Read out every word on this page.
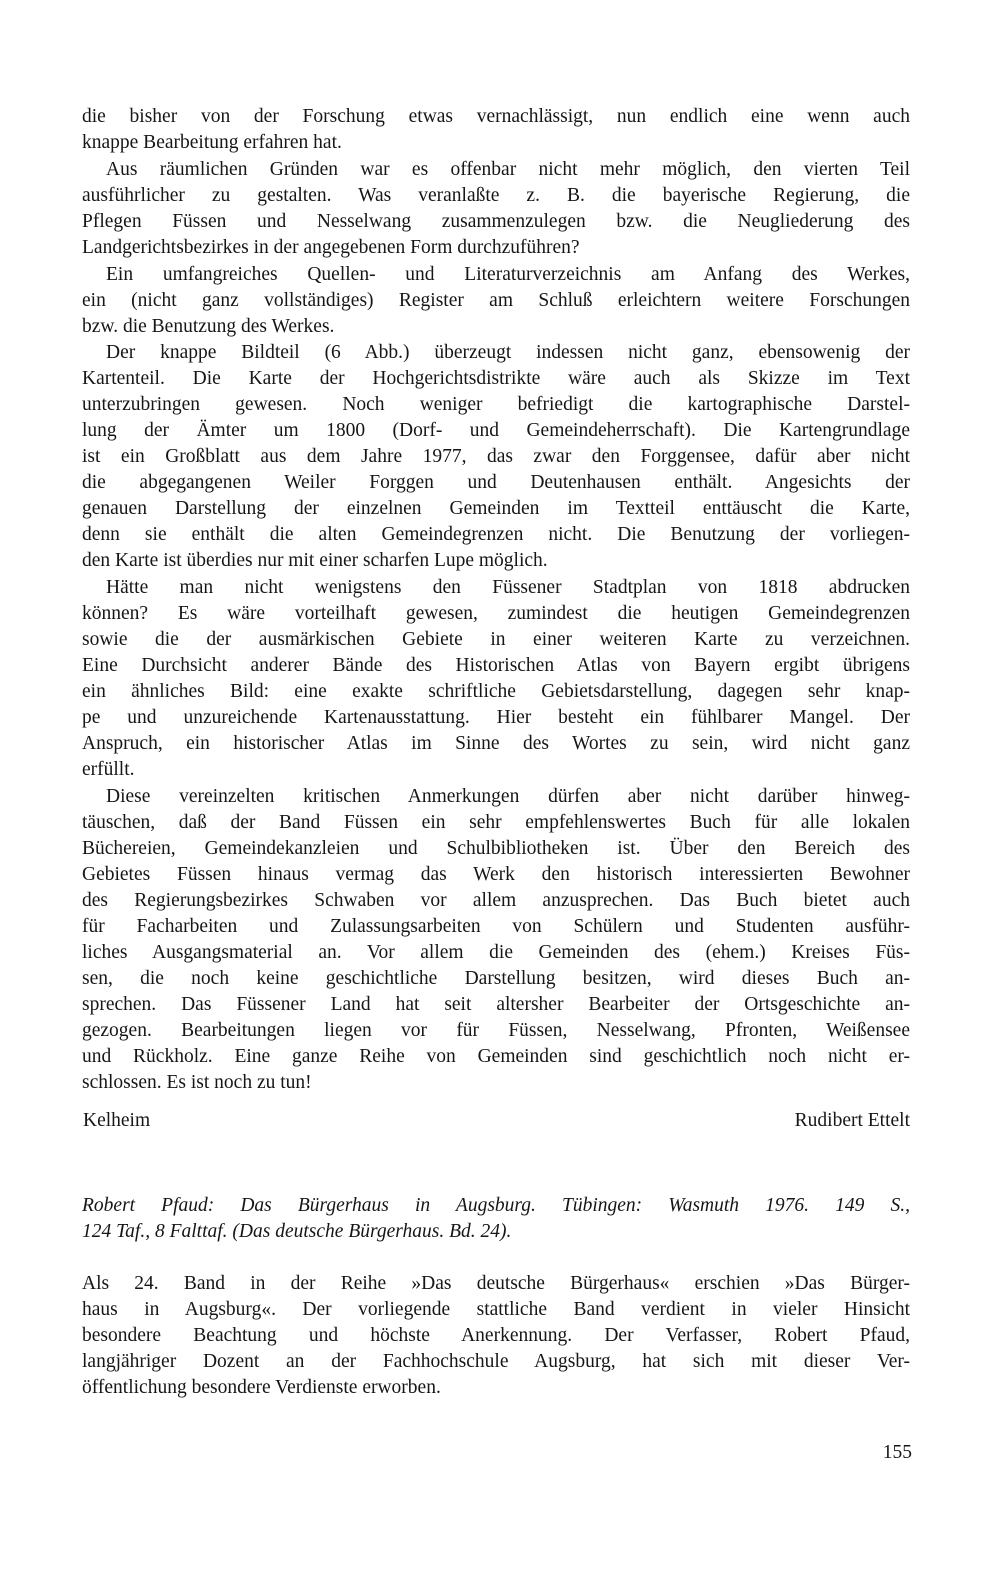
die bisher von der Forschung etwas vernachlässigt, nun endlich eine wenn auch
knappe Bearbeitung erfahren hat.
Aus räumlichen Gründen war es offenbar nicht mehr möglich, den vierten Teil
ausführlicher zu gestalten. Was veranlaßte z. B. die bayerische Regierung, die
Pflegen Füssen und Nesselwang zusammenzulegen bzw. die Neugliederung des
Landgerichtsbezirkes in der angegebenen Form durchzuführen?
Ein umfangreiches Quellen- und Literaturverzeichnis am Anfang des Werkes,
ein (nicht ganz vollständiges) Register am Schluß erleichtern weitere Forschungen
bzw. die Benutzung des Werkes.
Der knappe Bildteil (6 Abb.) überzeugt indessen nicht ganz, ebensowenig der
Kartenteil. Die Karte der Hochgerichtsdistrikte wäre auch als Skizze im Text
unterzubringen gewesen. Noch weniger befriedigt die kartographische Darstel-
lung der Ämter um 1800 (Dorf- und Gemeindeherrschaft). Die Kartengrundlage
ist ein Großblatt aus dem Jahre 1977, das zwar den Forggensee, dafür aber nicht
die abgegangenen Weiler Forggen und Deutenhausen enthält. Angesichts der
genauen Darstellung der einzelnen Gemeinden im Textteil enttäuscht die Karte,
denn sie enthält die alten Gemeindegrenzen nicht. Die Benutzung der vorliegen-
den Karte ist überdies nur mit einer scharfen Lupe möglich.
Hätte man nicht wenigstens den Füssener Stadtplan von 1818 abdrucken
können? Es wäre vorteilhaft gewesen, zumindest die heutigen Gemeindegrenzen
sowie die der ausmärkischen Gebiete in einer weiteren Karte zu verzeichnen.
Eine Durchsicht anderer Bände des Historischen Atlas von Bayern ergibt übrigens
ein ähnliches Bild: eine exakte schriftliche Gebietsdarstellung, dagegen sehr knap-
pe und unzureichende Kartenausstattung. Hier besteht ein fühlbarer Mangel. Der
Anspruch, ein historischer Atlas im Sinne des Wortes zu sein, wird nicht ganz
erfüllt.
Diese vereinzelten kritischen Anmerkungen dürfen aber nicht darüber hinweg-
täuschen, daß der Band Füssen ein sehr empfehlenswertes Buch für alle lokalen
Büchereien, Gemeindekanzleien und Schulbibliotheken ist. Über den Bereich des
Gebietes Füssen hinaus vermag das Werk den historisch interessierten Bewohner
des Regierungsbezirkes Schwaben vor allem anzusprechen. Das Buch bietet auch
für Facharbeiten und Zulassungsarbeiten von Schülern und Studenten ausführ-
liches Ausgangsmaterial an. Vor allem die Gemeinden des (ehem.) Kreises Füs-
sen, die noch keine geschichtliche Darstellung besitzen, wird dieses Buch an-
sprechen. Das Füssener Land hat seit altersher Bearbeiter der Ortsgeschichte an-
gezogen. Bearbeitungen liegen vor für Füssen, Nesselwang, Pfronten, Weißensee
und Rückholz. Eine ganze Reihe von Gemeinden sind geschichtlich noch nicht er-
schlossen. Es ist noch zu tun!
Kelheim	Rudibert Ettelt
Robert Pfaud: Das Bürgerhaus in Augsburg. Tübingen: Wasmuth 1976. 149 S.,
124 Taf., 8 Falttaf. (Das deutsche Bürgerhaus. Bd. 24).
Als 24. Band in der Reihe »Das deutsche Bürgerhaus« erschien »Das Bürger-
haus in Augsburg«. Der vorliegende stattliche Band verdient in vieler Hinsicht
besondere Beachtung und höchste Anerkennung. Der Verfasser, Robert Pfaud,
langjähriger Dozent an der Fachhochschule Augsburg, hat sich mit dieser Ver-
öffentlichung besondere Verdienste erworben.
155
